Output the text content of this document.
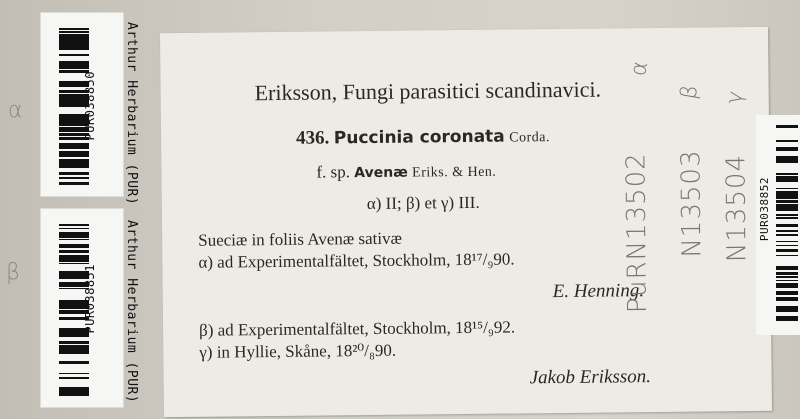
α
β
PUR038850 Arthur Herbarium (PUR)
PUR038851 Arthur Herbarium (PUR)
Eriksson, Fungi parasitici scandinavici.
436. Puccinia coronata Corda.
f. sp. Avenæ Eriks. & Hen.
α) II; β) et γ) III.
Sueciæ in foliis Avenæ sativæ
α) ad Experimentalfältet, Stockholm, 18¹⁷/₉90.
E. Henning.
β) ad Experimentalfältet, Stockholm, 18¹⁵/₉92.
γ) in Hyllie, Skåne, 18²⁰/₈90.
Jakob Eriksson.
PuRN13502 N13503 N13504
α
β γ
PUR038852
